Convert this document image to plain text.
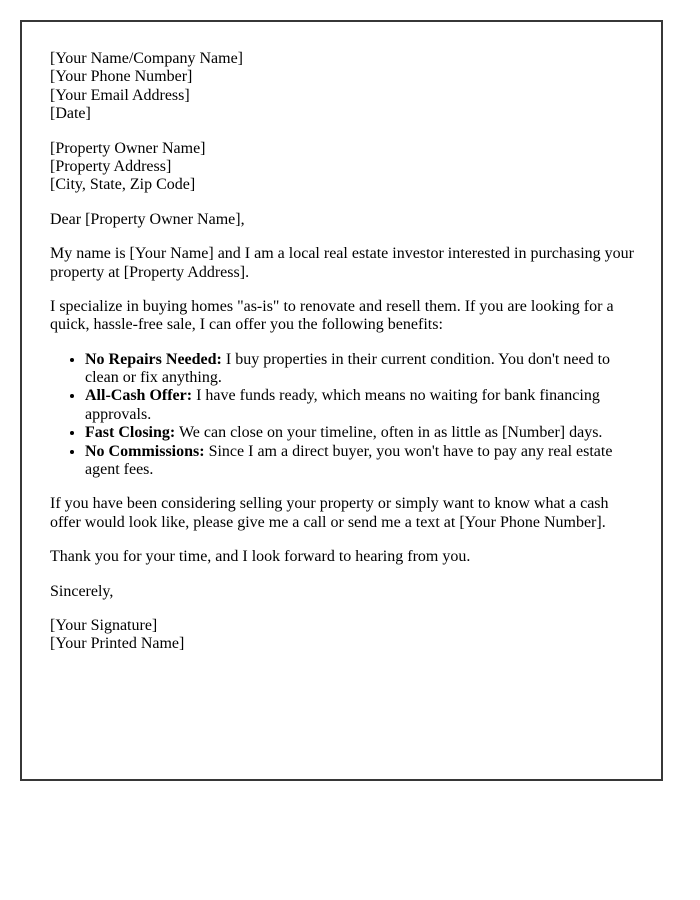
[Your Name/Company Name]
[Your Phone Number]
[Your Email Address]
[Date]

[Property Owner Name]
[Property Address]
[City, State, Zip Code]

Dear [Property Owner Name],

My name is [Your Name] and I am a local real estate investor interested in purchasing your property at [Property Address].

I specialize in buying homes "as-is" to renovate and resell them. If you are looking for a quick, hassle-free sale, I can offer you the following benefits:

• No Repairs Needed: I buy properties in their current condition. You don't need to clean or fix anything.
• All-Cash Offer: I have funds ready, which means no waiting for bank financing approvals.
• Fast Closing: We can close on your timeline, often in as little as [Number] days.
• No Commissions: Since I am a direct buyer, you won't have to pay any real estate agent fees.

If you have been considering selling your property or simply want to know what a cash offer would look like, please give me a call or send me a text at [Your Phone Number].

Thank you for your time, and I look forward to hearing from you.

Sincerely,

[Your Signature]
[Your Printed Name]
